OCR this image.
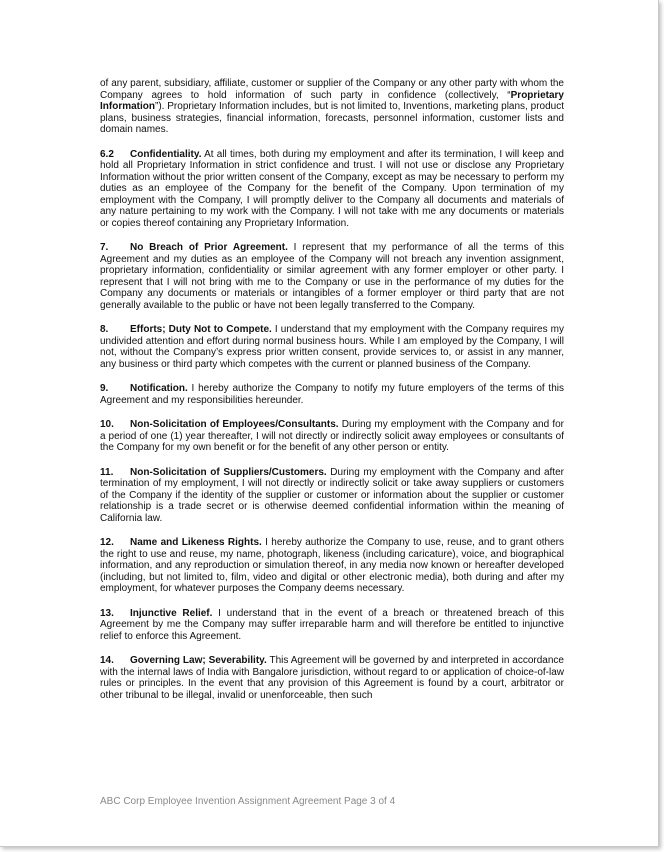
of any parent, subsidiary, affiliate, customer or supplier of the Company or any other party with whom the Company agrees to hold information of such party in confidence (collectively, “Proprietary Information”). Proprietary Information includes, but is not limited to, Inventions, marketing plans, product plans, business strategies, financial information, forecasts, personnel information, customer lists and domain names.

6.2 Confidentiality. At all times, both during my employment and after its termination, I will keep and hold all Proprietary Information in strict confidence and trust. I will not use or disclose any Proprietary Information without the prior written consent of the Company, except as may be necessary to perform my duties as an employee of the Company for the benefit of the Company. Upon termination of my employment with the Company, I will promptly deliver to the Company all documents and materials of any nature pertaining to my work with the Company. I will not take with me any documents or materials or copies thereof containing any Proprietary Information.

7. No Breach of Prior Agreement. I represent that my performance of all the terms of this Agreement and my duties as an employee of the Company will not breach any invention assignment, proprietary information, confidentiality or similar agreement with any former employer or other party. I represent that I will not bring with me to the Company or use in the performance of my duties for the Company any documents or materials or intangibles of a former employer or third party that are not generally available to the public or have not been legally transferred to the Company.

8. Efforts; Duty Not to Compete. I understand that my employment with the Company requires my undivided attention and effort during normal business hours. While I am employed by the Company, I will not, without the Company’s express prior written consent, provide services to, or assist in any manner, any business or third party which competes with the current or planned business of the Company.

9. Notification. I hereby authorize the Company to notify my future employers of the terms of this Agreement and my responsibilities hereunder.

10. Non-Solicitation of Employees/Consultants. During my employment with the Company and for a period of one (1) year thereafter, I will not directly or indirectly solicit away employees or consultants of the Company for my own benefit or for the benefit of any other person or entity.

11. Non-Solicitation of Suppliers/Customers. During my employment with the Company and after termination of my employment, I will not directly or indirectly solicit or take away suppliers or customers of the Company if the identity of the supplier or customer or information about the supplier or customer relationship is a trade secret or is otherwise deemed confidential information within the meaning of California law.

12. Name and Likeness Rights. I hereby authorize the Company to use, reuse, and to grant others the right to use and reuse, my name, photograph, likeness (including caricature), voice, and biographical information, and any reproduction or simulation thereof, in any media now known or hereafter developed (including, but not limited to, film, video and digital or other electronic media), both during and after my employment, for whatever purposes the Company deems necessary.

13. Injunctive Relief. I understand that in the event of a breach or threatened breach of this Agreement by me the Company may suffer irreparable harm and will therefore be entitled to injunctive relief to enforce this Agreement.

14. Governing Law; Severability. This Agreement will be governed by and interpreted in accordance with the internal laws of India with Bangalore jurisdiction, without regard to or application of choice-of-law rules or principles. In the event that any provision of this Agreement is found by a court, arbitrator or other tribunal to be illegal, invalid or unenforceable, then such

ABC Corp Employee Invention Assignment Agreement Page 3 of 4
